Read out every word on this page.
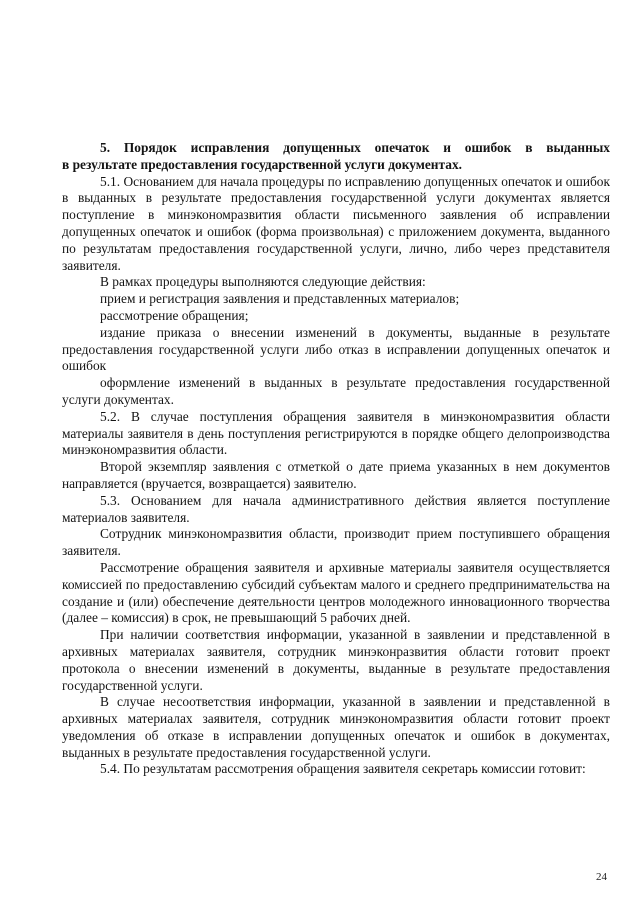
5. Порядок исправления допущенных опечаток и ошибок в выданных
в результате предоставления государственной услуги документах.

5.1. Основанием для начала процедуры по исправлению допущенных опечаток и ошибок в выданных в результате предоставления государственной услуги документах является поступление в минэкономразвития области письменного заявления об исправлении допущенных опечаток и ошибок (форма произвольная) с приложением документа, выданного по результатам предоставления государственной услуги, лично, либо через представителя заявителя.

В рамках процедуры выполняются следующие действия:

прием и регистрация заявления и представленных материалов;

рассмотрение обращения;

издание приказа о внесении изменений в документы, выданные в результате предоставления государственной услуги либо отказ в исправлении допущенных опечаток и ошибок

оформление изменений в выданных в результате предоставления государственной услуги документах.

5.2. В случае поступления обращения заявителя в минэкономразвития области материалы заявителя в день поступления регистрируются в порядке общего делопроизводства минэкономразвития области.

Второй экземпляр заявления с отметкой о дате приема указанных в нем документов направляется (вручается, возвращается) заявителю.

5.3. Основанием для начала административного действия является поступление материалов заявителя.

Сотрудник минэкономразвития области, производит прием поступившего обращения заявителя.

Рассмотрение обращения заявителя и архивные материалы заявителя осуществляется комиссией по предоставлению субсидий субъектам малого и среднего предпринимательства на создание и (или) обеспечение деятельности центров молодежного инновационного творчества (далее – комиссия) в срок, не превышающий 5 рабочих дней.

При наличии соответствия информации, указанной в заявлении и представленной в архивных материалах заявителя, сотрудник минэконразвития области готовит проект протокола о внесении изменений в документы, выданные в результате предоставления государственной услуги.

В случае несоответствия информации, указанной в заявлении и представленной в архивных материалах заявителя, сотрудник минэкономразвития области готовит проект уведомления об отказе в исправлении допущенных опечаток и ошибок в документах, выданных в результате предоставления государственной услуги.

5.4. По результатам рассмотрения обращения заявителя секретарь комиссии готовит:

24
